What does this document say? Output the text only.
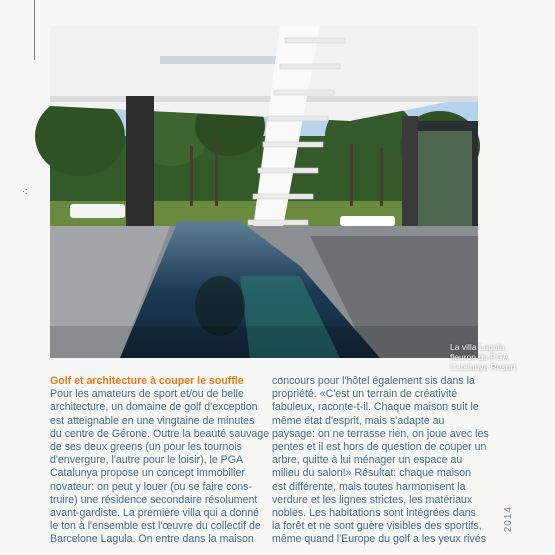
·:
La villa Lagula,
fleuron du PGA
Catalunya Resort.
Golf et architecture à couper le souffle
Pour les amateurs de sport et/ou de belle
architecture, un domaine de golf d'exception
est atteignable en une vingtaine de minutes
du centre de Gérone. Outre la beauté sauvage
de ses deux greens (un pour les tournois
d'envergure, l'autre pour le loisir), le PGA
Catalunya propose un concept immobilier
novateur: on peut y louer (ou se faire cons-
truire) une résidence secondaire résolument
avant-gardiste. La première villa qui a donné
le ton à l'ensemble est l'œuvre du collectif de
Barcelone Lagula. On entre dans la maison
concours pour l'hôtel également sis dans la
propriété. «C'est un terrain de créativité
fabuleux, raconte-t-il. Chaque maison suit le
même état d'esprit, mais s'adapte au
paysage: on ne terrasse rien, on joue avec les
pentes et il est hors de question de couper un
arbre, quitte à lui ménager un espace au
milieu du salon!» Résultat: chaque maison
est différente, mais toutes harmonisent la
verdure et les lignes strictes, les matériaux
nobles. Les habitations sont intégrées dans
la forêt et ne sont guère visibles des sportifs,
même quand l'Europe du golf a les yeux rivés
2014
